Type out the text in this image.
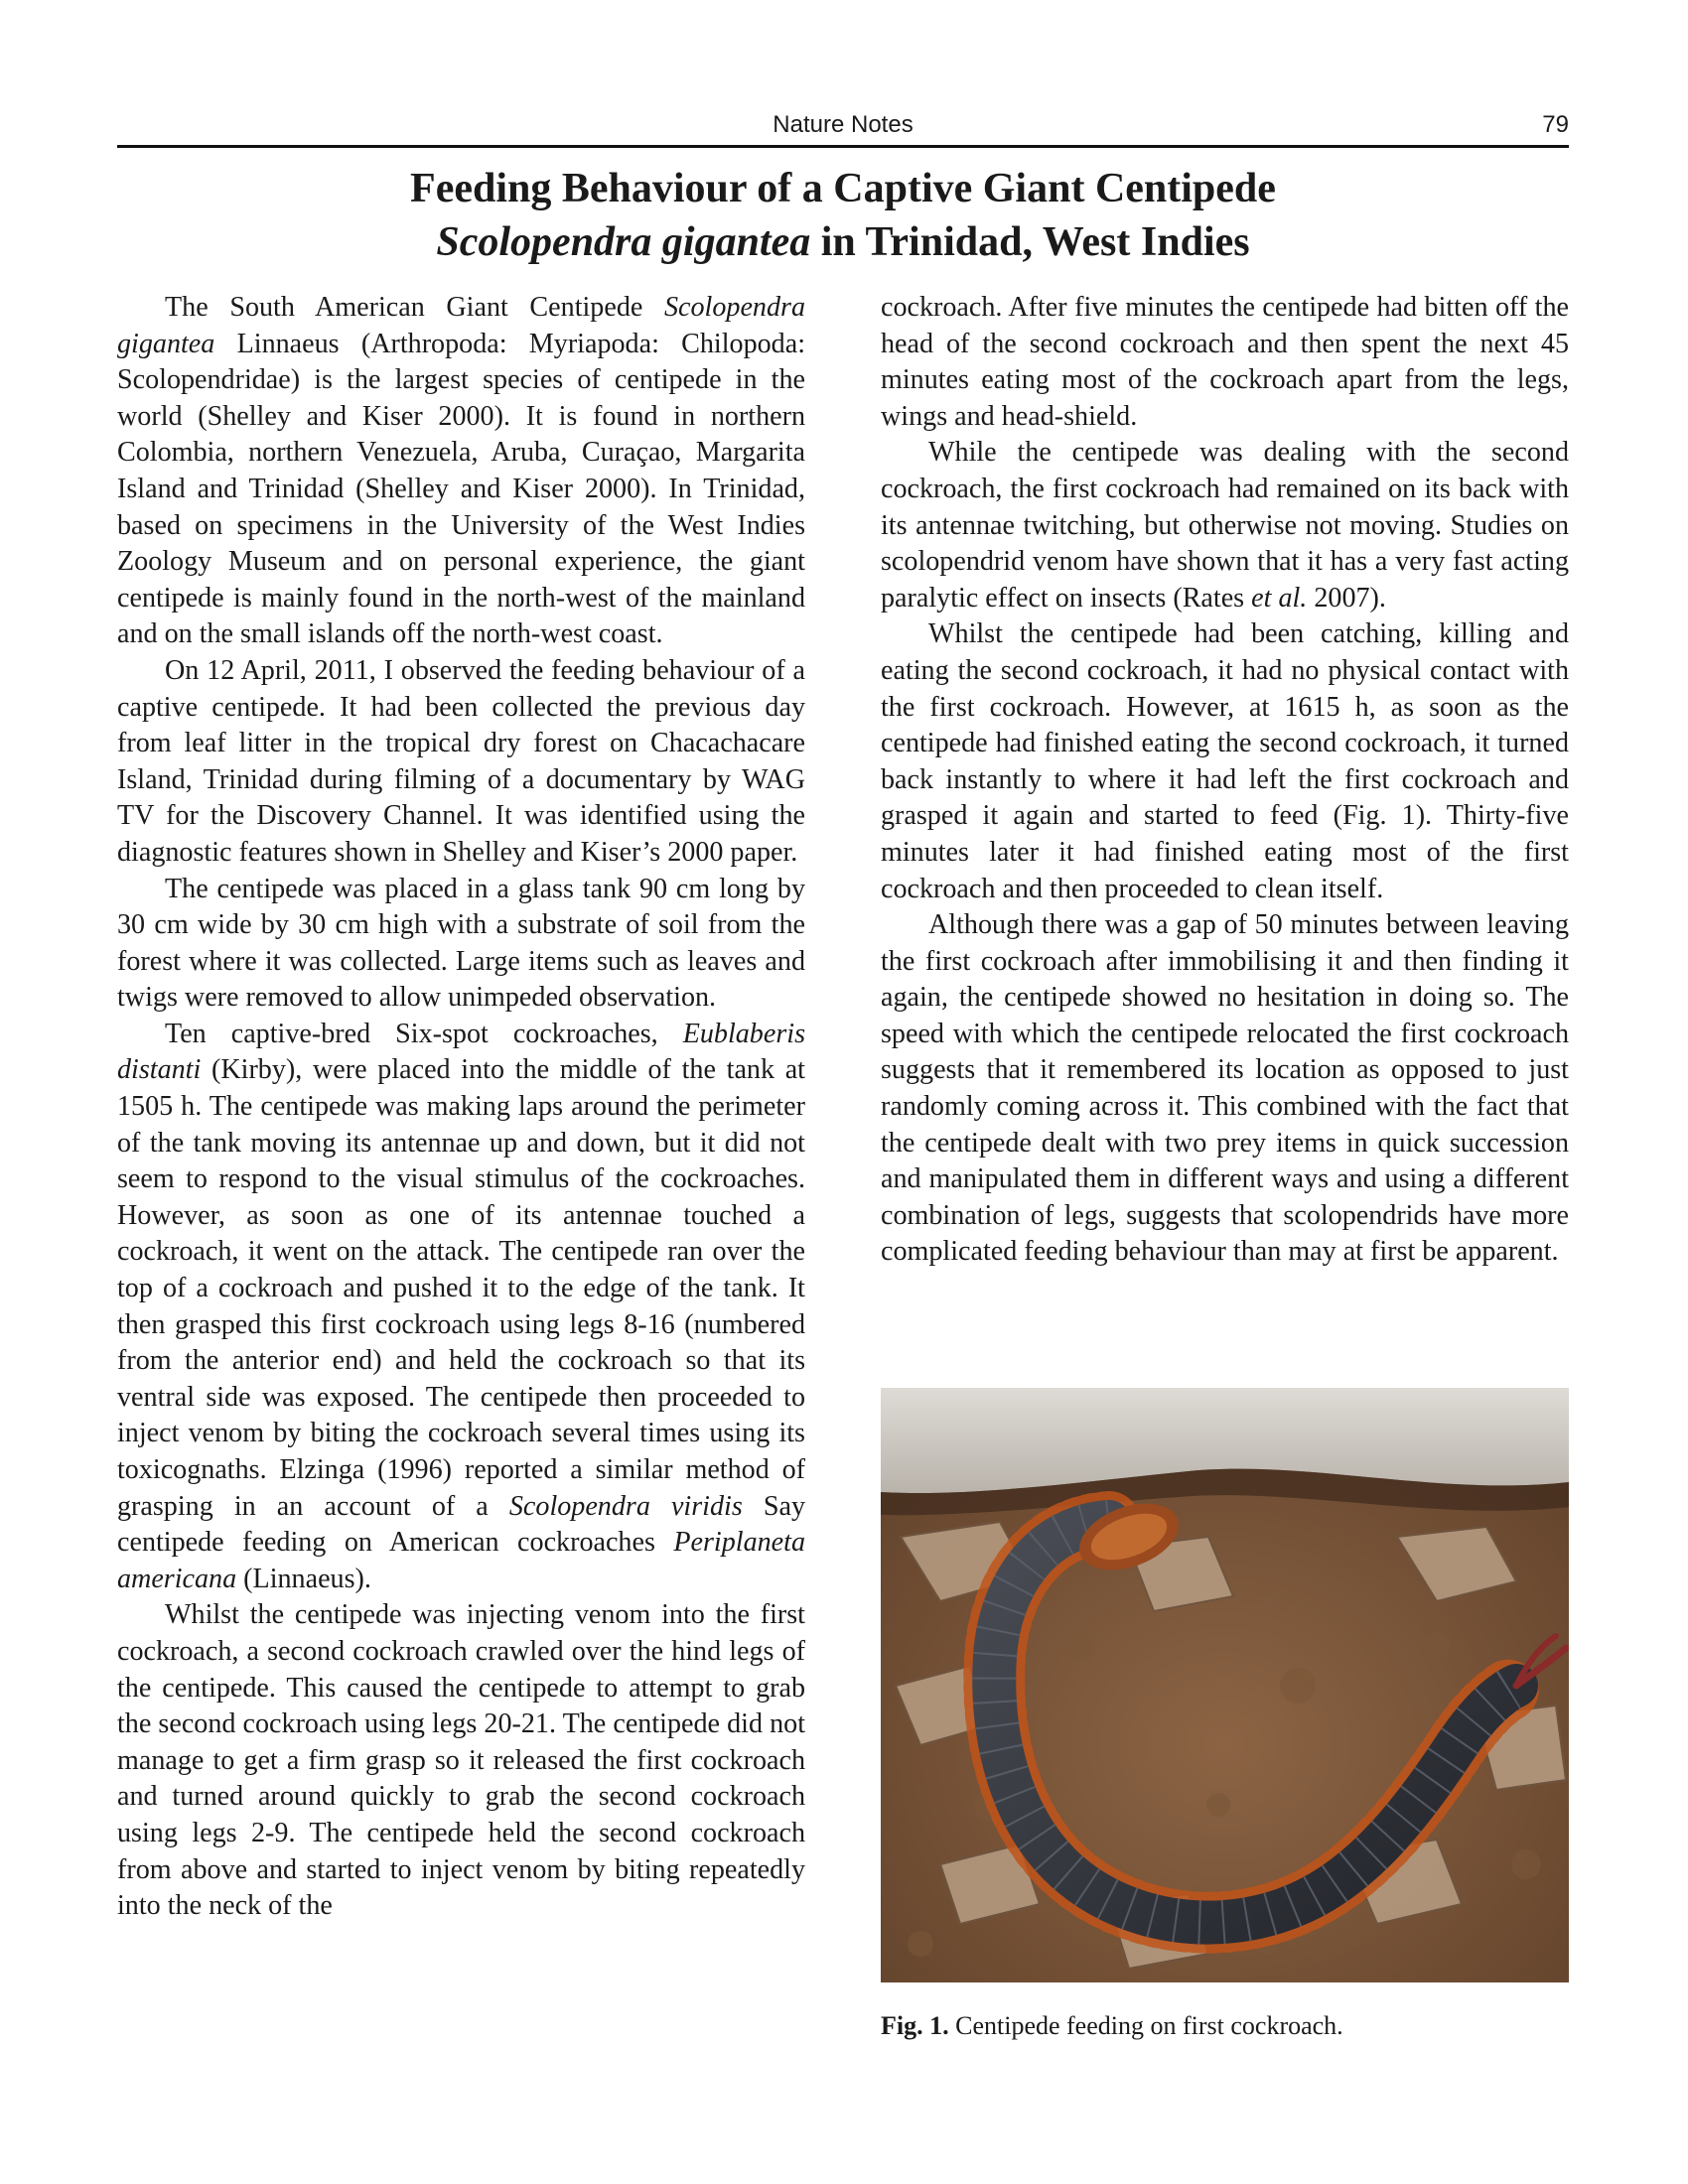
Nature Notes	79
Feeding Behaviour of a Captive Giant Centipede
Scolopendra gigantea in Trinidad, West Indies

The South American Giant Centipede Scolopendra gigantea Linnaeus (Arthropoda: Myriapoda: Chilopoda: Scolopendridae) is the largest species of centipede in the world (Shelley and Kiser 2000). It is found in northern Colombia, northern Venezuela, Aruba, Curaçao, Margarita Island and Trinidad (Shelley and Kiser 2000). In Trinidad, based on specimens in the University of the West Indies Zoology Museum and on personal experience, the giant centipede is mainly found in the north-west of the mainland and on the small islands off the north-west coast.

On 12 April, 2011, I observed the feeding behaviour of a captive centipede. It had been collected the previous day from leaf litter in the tropical dry forest on Chacachacare Island, Trinidad during filming of a documentary by WAG TV for the Discovery Channel. It was identified using the diagnostic features shown in Shelley and Kiser’s 2000 paper.

The centipede was placed in a glass tank 90 cm long by 30 cm wide by 30 cm high with a substrate of soil from the forest where it was collected. Large items such as leaves and twigs were removed to allow unimpeded observation.

Ten captive-bred Six-spot cockroaches, Eublaberis distanti (Kirby), were placed into the middle of the tank at 1505 h. The centipede was making laps around the perimeter of the tank moving its antennae up and down, but it did not seem to respond to the visual stimulus of the cockroaches. However, as soon as one of its antennae touched a cockroach, it went on the attack. The centipede ran over the top of a cockroach and pushed it to the edge of the tank. It then grasped this first cockroach using legs 8-16 (numbered from the anterior end) and held the cockroach so that its ventral side was exposed. The centipede then proceeded to inject venom by biting the cockroach several times using its toxicognaths. Elzinga (1996) reported a similar method of grasping in an account of a Scolopendra viridis Say centipede feeding on American cockroaches Periplaneta americana (Linnaeus).

Whilst the centipede was injecting venom into the first cockroach, a second cockroach crawled over the hind legs of the centipede. This caused the centipede to attempt to grab the second cockroach using legs 20-21. The centipede did not manage to get a firm grasp so it released the first cockroach and turned around quickly to grab the second cockroach using legs 2-9. The centipede held the second cockroach from above and started to inject venom by biting repeatedly into the neck of the

cockroach. After five minutes the centipede had bitten off the head of the second cockroach and then spent the next 45 minutes eating most of the cockroach apart from the legs, wings and head-shield.

While the centipede was dealing with the second cockroach, the first cockroach had remained on its back with its antennae twitching, but otherwise not moving. Studies on scolopendrid venom have shown that it has a very fast acting paralytic effect on insects (Rates et al. 2007).

Whilst the centipede had been catching, killing and eating the second cockroach, it had no physical contact with the first cockroach. However, at 1615 h, as soon as the centipede had finished eating the second cockroach, it turned back instantly to where it had left the first cockroach and grasped it again and started to feed (Fig. 1). Thirty-five minutes later it had finished eating most of the first cockroach and then proceeded to clean itself.

Although there was a gap of 50 minutes between leaving the first cockroach after immobilising it and then finding it again, the centipede showed no hesitation in doing so. The speed with which the centipede relocated the first cockroach suggests that it remembered its location as opposed to just randomly coming across it. This combined with the fact that the centipede dealt with two prey items in quick succession and manipulated them in different ways and using a different combination of legs, suggests that scolopendrids have more complicated feeding behaviour than may at first be apparent.

Fig. 1. Centipede feeding on first cockroach.
